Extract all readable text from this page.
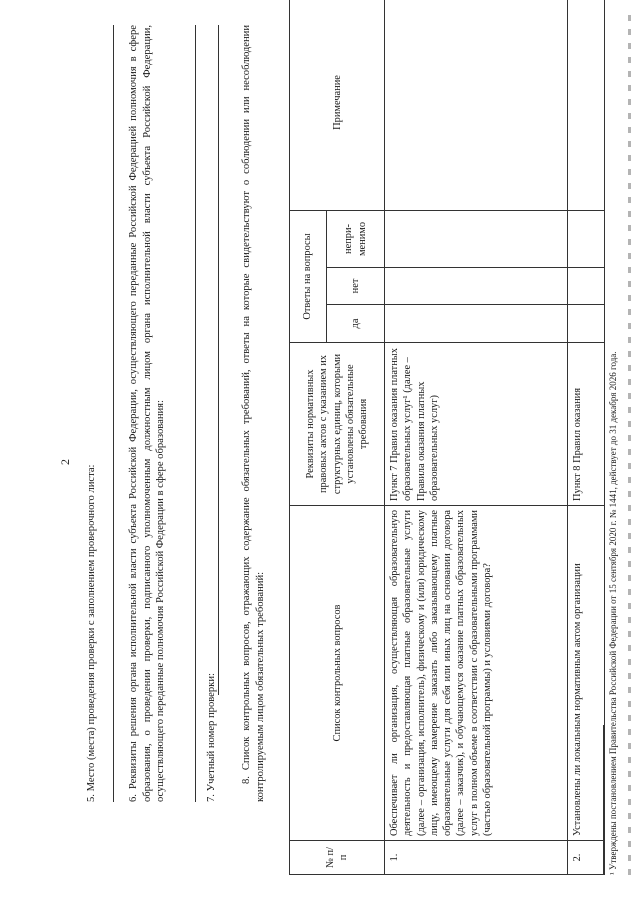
2
5. Место (места) проведения проверки с заполнением проверочного листа:	6. Реквизиты решения органа исполнительной власти субъекта Российской Федерации, осуществляющего переданные Российской Федерацией полномочия в сфере образования, о проведении проверки, подписанного уполномоченным должностным лицом органа исполнительной власти субъекта Российской Федерации, осуществляющего переданные полномочия Российской Федерации в сфере образования:	7. Учетный номер проверки: 8. Список контрольных вопросов, отражающих содержание обязательных требований, ответы на которые свидетельствуют о соблюдении или несоблюдении контролируемым лицом обязательных требований:
№ п/п	Список контрольных вопросов	Реквизиты нормативных правовых актов с указанием их структурных единиц, которыми установлены обязательные требования	Ответы на вопросы			Примечание
			да	нет	непри-менимо	
1.	Обеспечивает ли организация, осуществляющая образовательную деятельность и предоставляющая платные образовательные услуги (далее – организация, исполнитель), физическому и (или) юридическому лицу, имеющему намерение заказать либо заказывающему платные образовательные услуги для себя или иных лиц на основании договора (далее – заказчик), и обучающемуся оказание платных образовательных услуг в полном объеме в соответствии с образовательными программами (частью образовательной программы) и условиями договора?	Пункт 7 Правил оказания платных образовательных услуг¹ (далее – Правила оказания платных образовательных услуг)				
2.	Установлены ли локальным нормативным актом организации	Пункт 8 Правил оказания					¹ Утверждены постановлением Правительства Российской Федерации от 15 сентября 2020 г. № 1441, действует до 31 декабря 2026 года.
